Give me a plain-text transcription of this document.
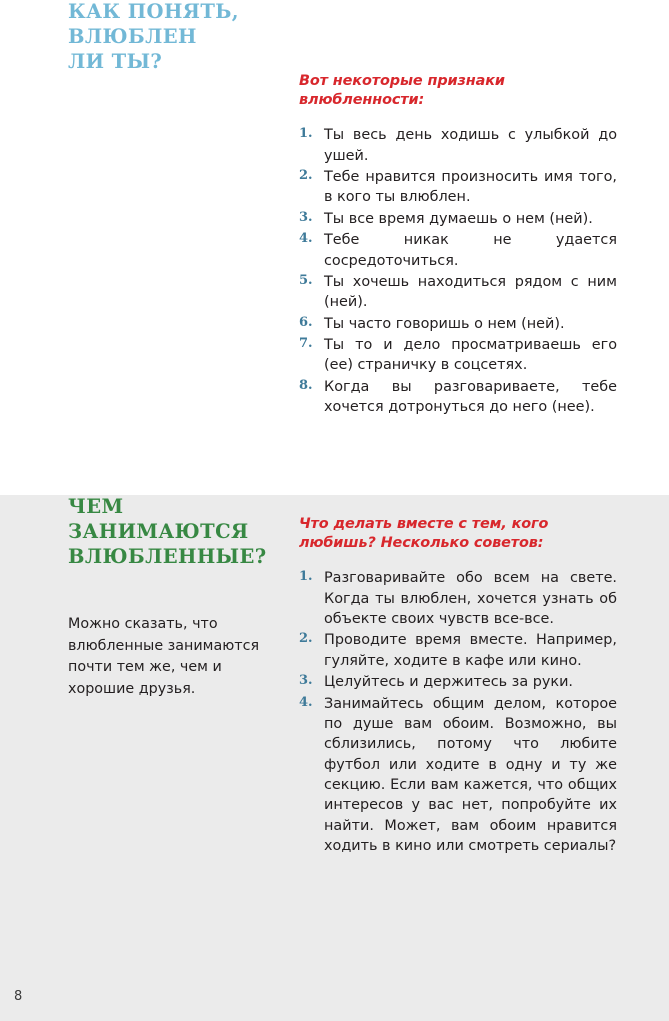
КАК ПОНЯТЬ,
ВЛЮБЛЕН
ЛИ ТЫ?

Вот некоторые признаки влюбленности:

1. Ты весь день ходишь с улыбкой до ушей.
2. Тебе нравится произносить имя того, в кого ты влюблен.
3. Ты все время думаешь о нем (ней).
4. Тебе никак не удается сосредоточиться.
5. Ты хочешь находиться рядом с ним (ней).
6. Ты часто говоришь о нем (ней).
7. Ты то и дело просматриваешь его (ее) страничку в соцсетях.
8. Когда вы разговариваете, тебе хочется дотронуться до него (нее).
ЧЕМ
ЗАНИМАЮТСЯ
ВЛЮБЛЕННЫЕ?

Можно сказать, что влюбленные занимаются почти тем же, чем и хорошие друзья.

Что делать вместе с тем, кого любишь? Несколько советов:

1. Разговаривайте обо всем на свете. Когда ты влюблен, хочется узнать об объекте своих чувств все-все.
2. Проводите время вместе. Например, гуляйте, ходите в кафе или кино.
3. Целуйтесь и держитесь за руки.
4. Занимайтесь общим делом, которое по душе вам обоим. Возможно, вы сблизились, потому что любите футбол или ходите в одну и ту же секцию. Если вам кажется, что общих интересов у вас нет, попробуйте их найти. Может, вам обоим нравится ходить в кино или смотреть сериалы?
8
